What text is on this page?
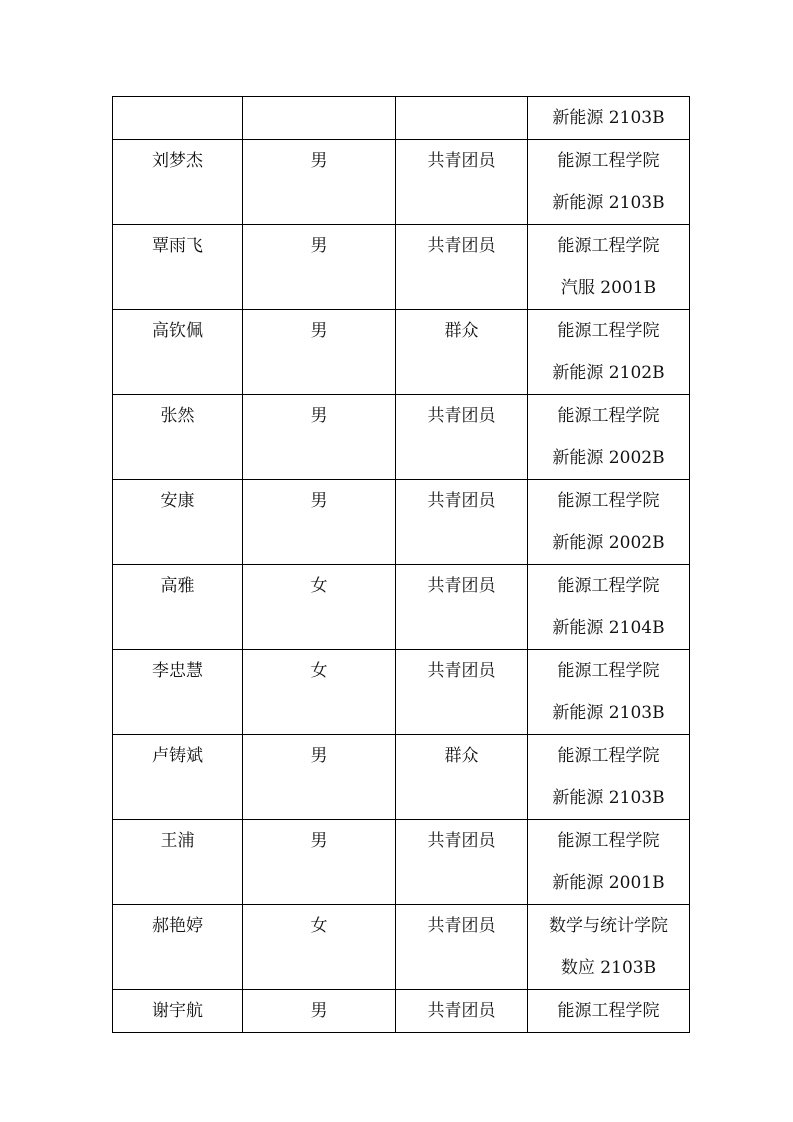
			新能源 2103B

刘梦杰	男	共青团员	能源工程学院
新能源 2103B

覃雨飞	男	共青团员	能源工程学院
汽服 2001B

高钦佩	男	群众	能源工程学院
新能源 2102B

张然	男	共青团员	能源工程学院
新能源 2002B

安康	男	共青团员	能源工程学院
新能源 2002B

高雅	女	共青团员	能源工程学院
新能源 2104B

李忠慧	女	共青团员	能源工程学院
新能源 2103B

卢铸斌	男	群众	能源工程学院
新能源 2103B

王浦	男	共青团员	能源工程学院
新能源 2001B

郝艳婷	女	共青团员	数学与统计学院
数应 2103B

谢宇航	男	共青团员	能源工程学院
